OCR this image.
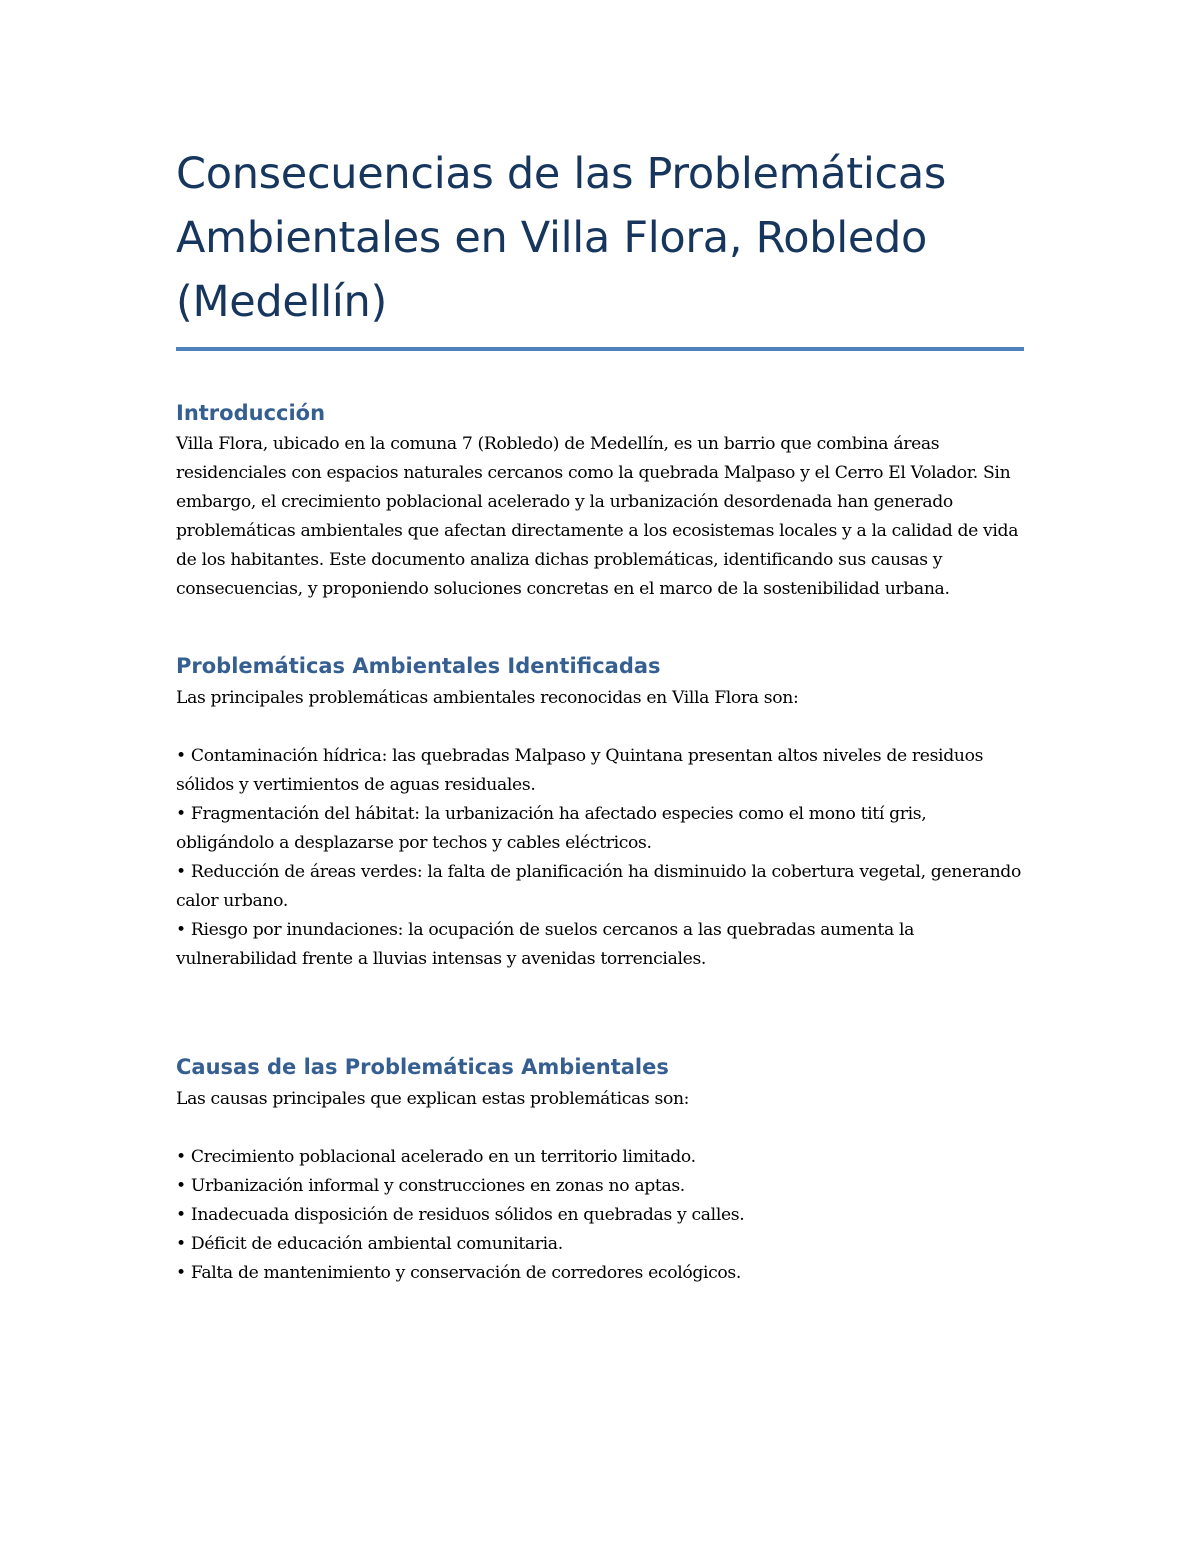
Consecuencias de las Problemáticas
Ambientales en Villa Flora, Robledo
(Medellín)
Introducción

Villa Flora, ubicado en la comuna 7 (Robledo) de Medellín, es un barrio que combina áreas residenciales con espacios naturales cercanos como la quebrada Malpaso y el Cerro El Volador. Sin embargo, el crecimiento poblacional acelerado y la urbanización desordenada han generado problemáticas ambientales que afectan directamente a los ecosistemas locales y a la calidad de vida de los habitantes. Este documento analiza dichas problemáticas, identificando sus causas y consecuencias, y proponiendo soluciones concretas en el marco de la sostenibilidad urbana.

Problemáticas Ambientales Identificadas

Las principales problemáticas ambientales reconocidas en Villa Flora son:

• Contaminación hídrica: las quebradas Malpaso y Quintana presentan altos niveles de residuos sólidos y vertimientos de aguas residuales.
• Fragmentación del hábitat: la urbanización ha afectado especies como el mono tití gris, obligándolo a desplazarse por techos y cables eléctricos.
• Reducción de áreas verdes: la falta de planificación ha disminuido la cobertura vegetal, generando calor urbano.
• Riesgo por inundaciones: la ocupación de suelos cercanos a las quebradas aumenta la vulnerabilidad frente a lluvias intensas y avenidas torrenciales.
Causas de las Problemáticas Ambientales

Las causas principales que explican estas problemáticas son:

• Crecimiento poblacional acelerado en un territorio limitado.
• Urbanización informal y construcciones en zonas no aptas.
• Inadecuada disposición de residuos sólidos en quebradas y calles.
• Déficit de educación ambiental comunitaria.
• Falta de mantenimiento y conservación de corredores ecológicos.
